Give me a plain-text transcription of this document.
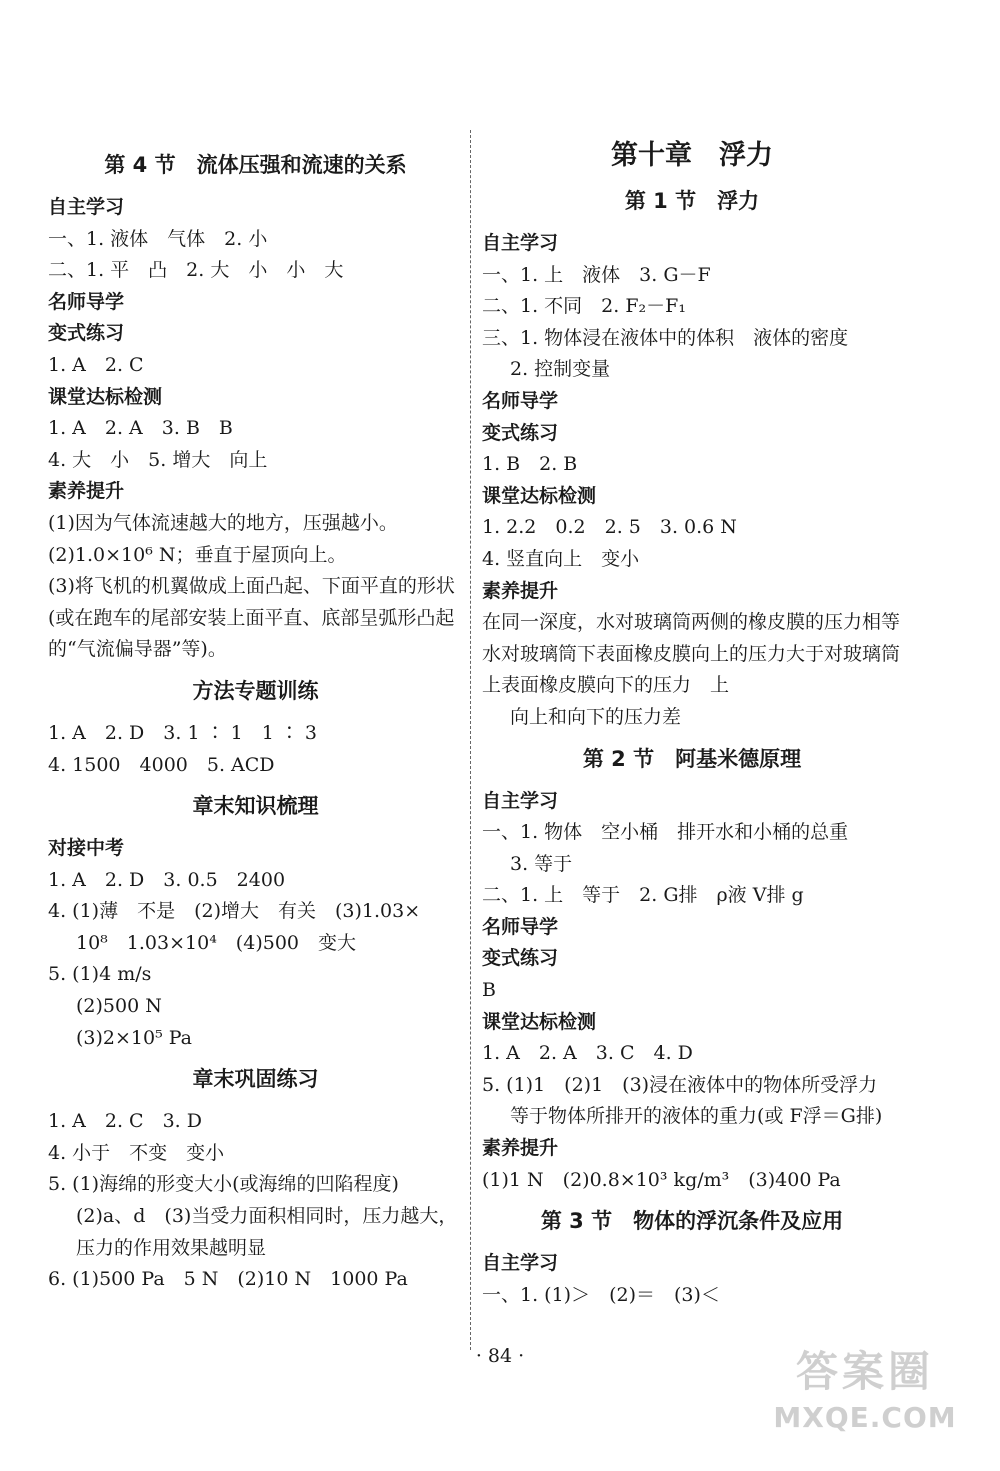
第 4 节　流体压强和流速的关系
自主学习
一、1. 液体　气体　2. 小
二、1. 平　凸　2. 大　小　小　大
名师导学
变式练习
1. A　2. C
课堂达标检测
1. A　2. A　3. B　B
4. 大　小　5. 增大　向上
素养提升
(1)因为气体流速越大的地方，压强越小。
(2)1.0×10⁶ N；垂直于屋顶向上。
(3)将飞机的机翼做成上面凸起、下面平直的形状(或在跑车的尾部安装上面平直、底部呈弧形凸起的“气流偏导器”等)。
方法专题训练
1. A　2. D　3. 1 ∶ 1　1 ∶ 3
4. 1500　4000　5. ACD
章末知识梳理
对接中考
1. A　2. D　3. 0.5　2400
4. (1)薄　不是　(2)增大　有关　(3)1.03×
10⁸　1.03×10⁴　(4)500　变大
5. (1)4 m/s
(2)500 N
(3)2×10⁵ Pa
章末巩固练习
1. A　2. C　3. D
4. 小于　不变　变小
5. (1)海绵的形变大小(或海绵的凹陷程度)
(2)a、d　(3)当受力面积相同时，压力越大，
压力的作用效果越明显
6. (1)500 Pa　5 N　(2)10 N　1000 Pa
第十章　浮力
第 1 节　浮力
自主学习
一、1. 上　液体　3. G－F
二、1. 不同　2. F₂－F₁
三、1. 物体浸在液体中的体积　液体的密度
2. 控制变量
名师导学
变式练习
1. B　2. B
课堂达标检测
1. 2.2　0.2　2. 5　3. 0.6 N
4. 竖直向上　变小
素养提升
在同一深度，水对玻璃筒两侧的橡皮膜的压力相等　水对玻璃筒下表面橡皮膜向上的压力大于对玻璃筒上表面橡皮膜向下的压力　上
向上和向下的压力差
第 2 节　阿基米德原理
自主学习
一、1. 物体　空小桶　排开水和小桶的总重
3. 等于
二、1. 上　等于　2. G排　ρ液 V排 g
名师导学
变式练习
B
课堂达标检测
1. A　2. A　3. C　4. D
5. (1)1　(2)1　(3)浸在液体中的物体所受浮力
等于物体所排开的液体的重力(或 F浮＝G排)
素养提升
(1)1 N　(2)0.8×10³ kg/m³　(3)400 Pa
第 3 节　物体的浮沉条件及应用
自主学习
一、1. (1)＞　(2)＝　(3)＜
· 84 ·	答案圈
MXQE.COM
